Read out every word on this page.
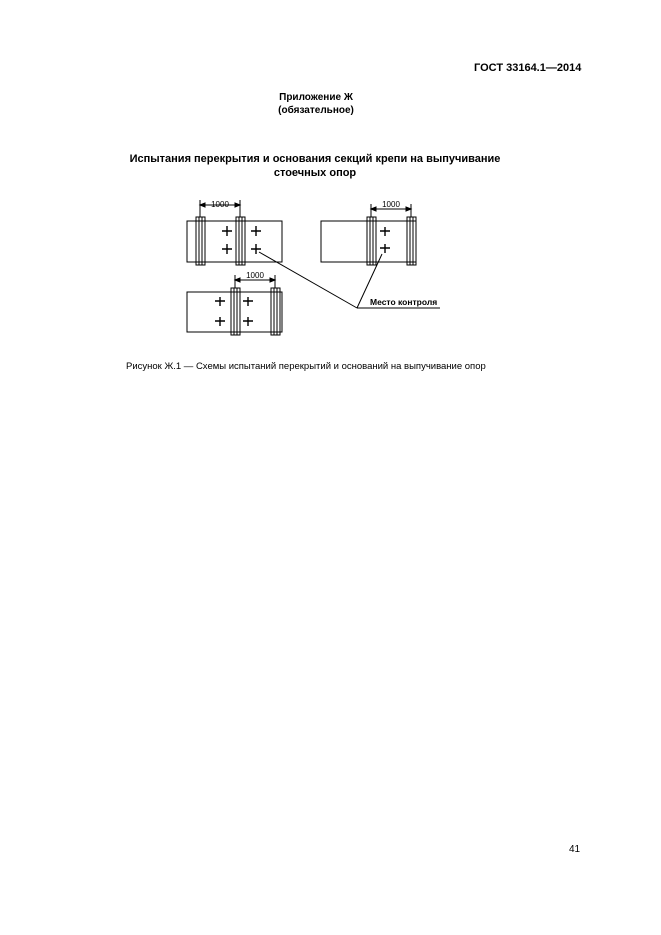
ГОСТ 33164.1—2014
Приложение Ж
(обязательное)
Испытания перекрытия и основания секций крепи на выпучивание
стоечных опор
1000	1000
1000
Место контроля
Рисунок Ж.1 — Схемы испытаний перекрытий и оснований на выпучивание опор
41
